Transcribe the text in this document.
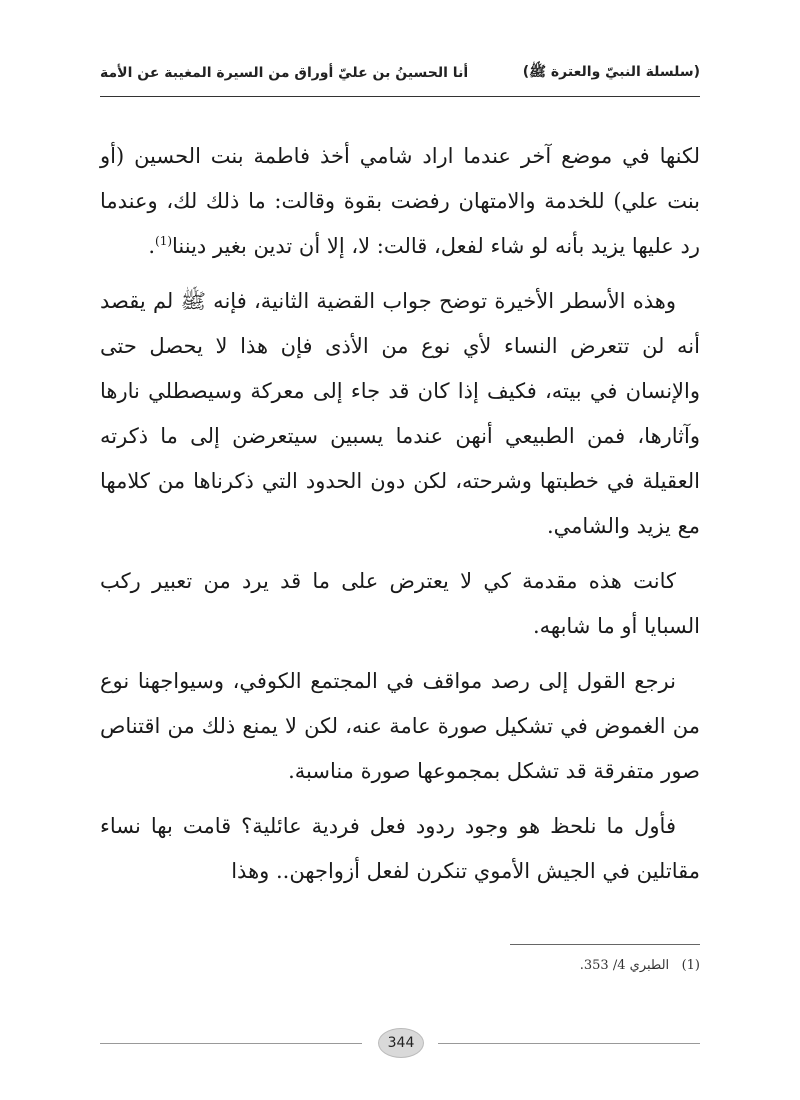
(سلسلة النبيّ والعترة ﷺ)
أنا الحسينُ بن عليّ أوراق من السيرة المغيبة عن الأمة

لكنها في موضع آخر عندما اراد شامي أخذ فاطمة بنت الحسين (أو بنت علي) للخدمة والامتهان رفضت بقوة وقالت: ما ذلك لك، وعندما رد عليها يزيد بأنه لو شاء لفعل، قالت: لا، إلا أن تدين بغير ديننا$^{(1)}$.

وهذه الأسطر الأخيرة توضح جواب القضية الثانية، فإنه ﷺ لم يقصد أنه لن تتعرض النساء لأي نوع من الأذى فإن هذا لا يحصل حتى والإنسان في بيته، فكيف إذا كان قد جاء إلى معركة وسيصطلي نارها وآثارها، فمن الطبيعي أنهن عندما يسبين سيتعرضن إلى ما ذكرته العقيلة في خطبتها وشرحته، لكن دون الحدود التي ذكرناها من كلامها مع يزيد والشامي.

كانت هذه مقدمة كي لا يعترض على ما قد يرد من تعبير ركب السبايا أو ما شابهه.

نرجع القول إلى رصد مواقف في المجتمع الكوفي، وسيواجهنا نوع من الغموض في تشكيل صورة عامة عنه، لكن لا يمنع ذلك من اقتناص صور متفرقة قد تشكل بمجموعها صورة مناسبة.

فأول ما نلحظ هو وجود ردود فعل فردية عائلية؟ قامت بها نساء مقاتلين في الجيش الأموي تنكرن لفعل أزواجهن.. وهذا

(1)   الطبري 4/ 353.
344
